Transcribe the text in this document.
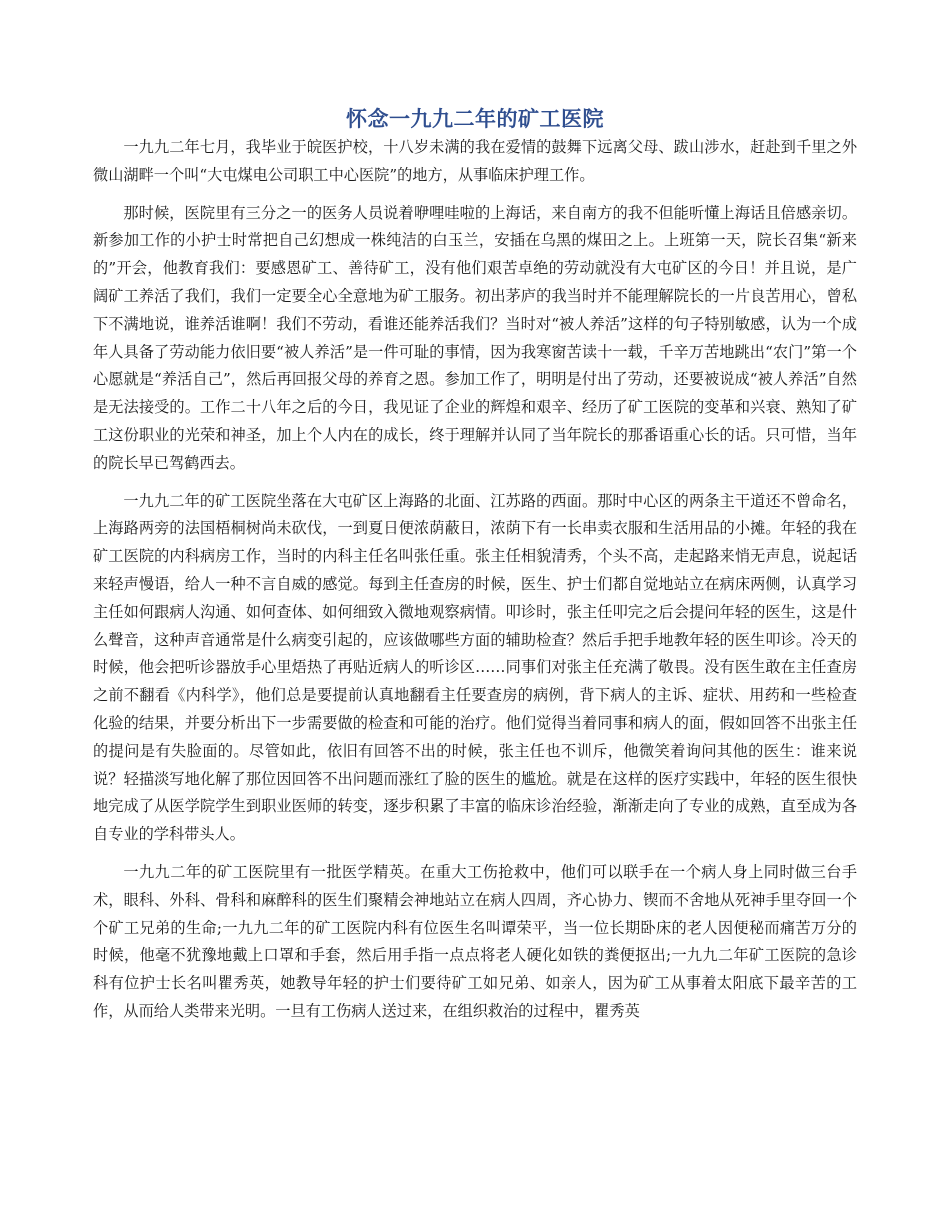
怀念一九九二年的矿工医院

一九九二年七月，我毕业于皖医护校，十八岁未满的我在爱情的鼓舞下远离父母、跋山涉水，赶赴到千里之外微山湖畔一个叫“大屯煤电公司职工中心医院”的地方，从事临床护理工作。

那时候，医院里有三分之一的医务人员说着咿哩哇啦的上海话，来自南方的我不但能听懂上海话且倍感亲切。新参加工作的小护士时常把自己幻想成一株纯洁的白玉兰，安插在乌黑的煤田之上。上班第一天，院长召集“新来的”开会，他教育我们：要感恩矿工、善待矿工，没有他们艰苦卓绝的劳动就没有大屯矿区的今日！并且说，是广阔矿工养活了我们，我们一定要全心全意地为矿工服务。初出茅庐的我当时并不能理解院长的一片良苦用心，曾私下不满地说，谁养活谁啊！我们不劳动，看谁还能养活我们？当时对“被人养活”这样的句子特别敏感，认为一个成年人具备了劳动能力依旧要“被人养活”是一件可耻的事情，因为我寒窗苦读十一载，千辛万苦地跳出“农门”第一个心愿就是“养活自己”，然后再回报父母的养育之恩。参加工作了，明明是付出了劳动，还要被说成“被人养活”自然是无法接受的。工作二十八年之后的今日，我见证了企业的辉煌和艰辛、经历了矿工医院的变革和兴衰、熟知了矿工这份职业的光荣和神圣，加上个人内在的成长，终于理解并认同了当年院长的那番语重心长的话。只可惜，当年的院长早已驾鹤西去。

一九九二年的矿工医院坐落在大屯矿区上海路的北面、江苏路的西面。那时中心区的两条主干道还不曾命名，上海路两旁的法国梧桐树尚未砍伐，一到夏日便浓荫蔽日，浓荫下有一长串卖衣服和生活用品的小摊。年轻的我在矿工医院的内科病房工作，当时的内科主任名叫张任重。张主任相貌清秀，个头不高，走起路来悄无声息，说起话来轻声慢语，给人一种不言自威的感觉。每到主任查房的时候，医生、护士们都自觉地站立在病床两侧，认真学习主任如何跟病人沟通、如何查体、如何细致入微地观察病情。叩诊时，张主任叩完之后会提问年轻的医生，这是什么聲音，这种声音通常是什么病变引起的，应该做哪些方面的辅助检查？然后手把手地教年轻的医生叩诊。冷天的时候，他会把听诊器放手心里焐热了再贴近病人的听诊区……同事们对张主任充满了敬畏。没有医生敢在主任查房之前不翻看《内科学》，他们总是要提前认真地翻看主任要查房的病例，背下病人的主诉、症状、用药和一些检查化验的结果，并要分析出下一步需要做的检查和可能的治疗。他们觉得当着同事和病人的面，假如回答不出张主任的提问是有失脸面的。尽管如此，依旧有回答不出的时候，张主任也不训斥，他微笑着询问其他的医生：谁来说说？轻描淡写地化解了那位因回答不出问题而涨红了脸的医生的尴尬。就是在这样的医疗实践中，年轻的医生很快地完成了从医学院学生到职业医师的转变，逐步积累了丰富的临床诊治经验，渐渐走向了专业的成熟，直至成为各自专业的学科带头人。

一九九二年的矿工医院里有一批医学精英。在重大工伤抢救中，他们可以联手在一个病人身上同时做三台手术，眼科、外科、骨科和麻醉科的医生们聚精会神地站立在病人四周，齐心协力、锲而不舍地从死神手里夺回一个个矿工兄弟的生命;一九九二年的矿工医院内科有位医生名叫谭荣平，当一位长期卧床的老人因便秘而痛苦万分的时候，他毫不犹豫地戴上口罩和手套，然后用手指一点点将老人硬化如铁的粪便抠出;一九九二年矿工医院的急诊科有位护士长名叫瞿秀英，她教导年轻的护士们要待矿工如兄弟、如亲人，因为矿工从事着太阳底下最辛苦的工作，从而给人类带来光明。一旦有工伤病人送过来，在组织救治的过程中，瞿秀英
